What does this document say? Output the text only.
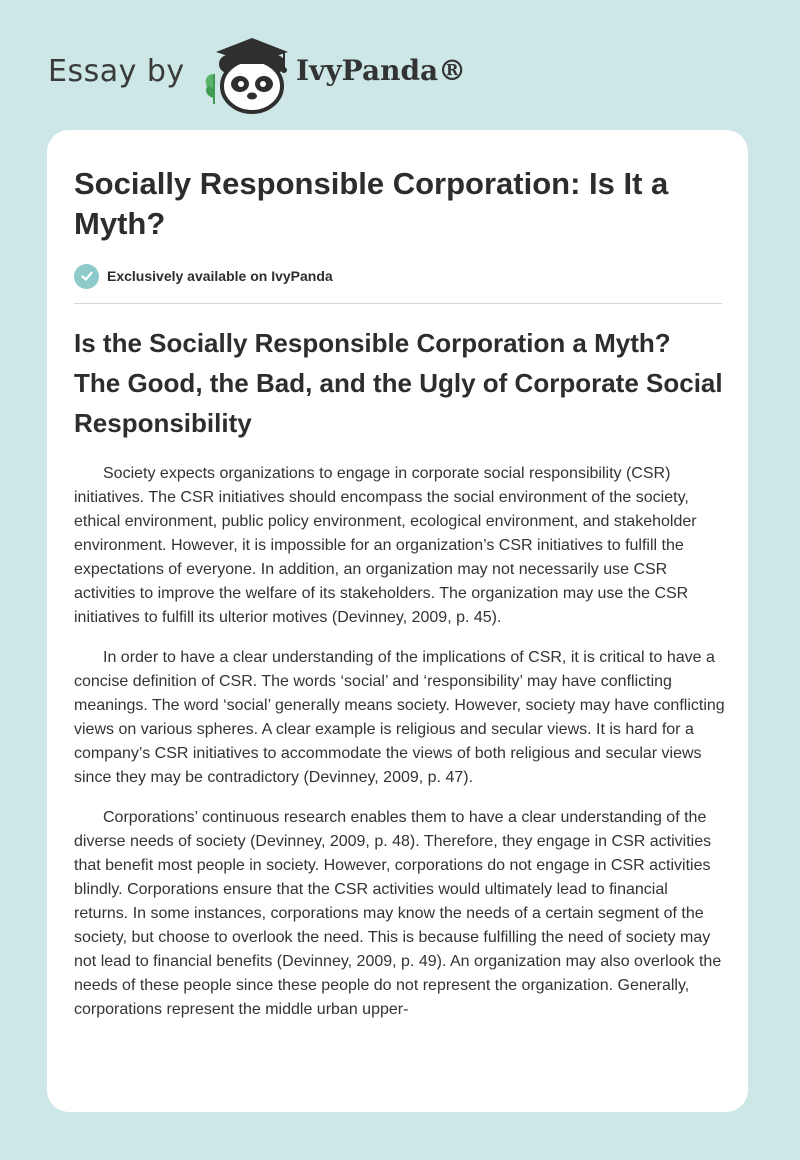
Essay by	IvyPanda®
Socially Responsible Corporation: Is It a Myth?
Exclusively available on IvyPanda
Is the Socially Responsible Corporation a Myth? The Good, the Bad, and the Ugly of Corporate Social Responsibility

Society expects organizations to engage in corporate social responsibility (CSR) initiatives. The CSR initiatives should encompass the social environment of the society, ethical environment, public policy environment, ecological environment, and stakeholder environment. However, it is impossible for an organization’s CSR initiatives to fulfill the expectations of everyone. In addition, an organization may not necessarily use CSR activities to improve the welfare of its stakeholders. The organization may use the CSR initiatives to fulfill its ulterior motives (Devinney, 2009, p. 45).

In order to have a clear understanding of the implications of CSR, it is critical to have a concise definition of CSR. The words ‘social’ and ‘responsibility’ may have conflicting meanings. The word ‘social’ generally means society. However, society may have conflicting views on various spheres. A clear example is religious and secular views. It is hard for a company’s CSR initiatives to accommodate the views of both religious and secular views since they may be contradictory (Devinney, 2009, p. 47).

Corporations’ continuous research enables them to have a clear understanding of the diverse needs of society (Devinney, 2009, p. 48). Therefore, they engage in CSR activities that benefit most people in society. However, corporations do not engage in CSR activities blindly. Corporations ensure that the CSR activities would ultimately lead to financial returns. In some instances, corporations may know the needs of a certain segment of the society, but choose to overlook the need. This is because fulfilling the need of society may not lead to financial benefits (Devinney, 2009, p. 49). An organization may also overlook the needs of these people since these people do not represent the organization. Generally, corporations represent the middle urban upper-
